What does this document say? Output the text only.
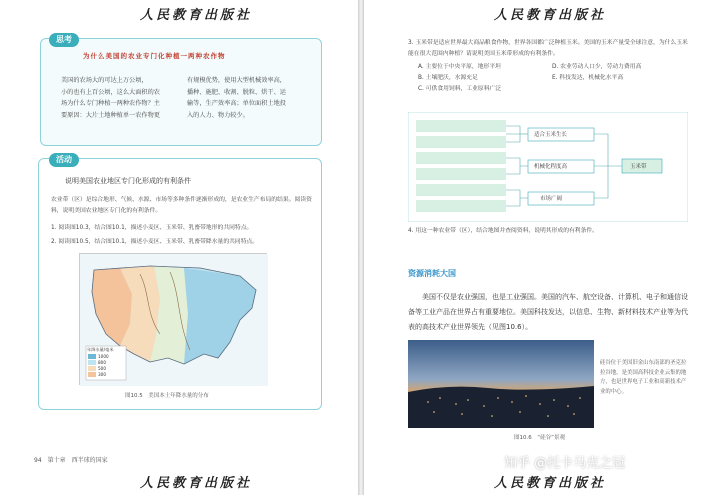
人民教育出版社
思考
为什么美国的农业专门化种植一两种农作物
美国的农场大的可达上万公顷，
小的也有上百公顷，这么大面积的农
场为什么专门种植一两种农作物？主
要原因：大片土地种植单一农作物更
有规模优势，使用大型机械效率高，
播种、施肥、收割、脱粒、烘干、运
输等，生产效率高；单位面积土地投
入的人力、物力较少。
活动
说明美国农业地区专门化形成的有利条件
农业带（区）是综合地形、气候、水源、市场等多种条件逐渐形成的，是农业生产布局的结果。阅读资料，说明美国农业地区专门化的有利条件。
1. 阅读图10.3，结合图10.1，描述小麦区、玉米带、乳畜带地形的共同特点。
2. 阅读图10.5，结合图10.1，描述小麦区、玉米带、乳畜带降水量的共同特点。
年降水量/毫米
1000
800
500
300
图10.5　美国本土年降水量的分布
94　第十章　西半球的国家
人民教育出版社
人民教育出版社
3. 玉米带是适应世界最大商品粮食作物，世界各国都广泛种植玉米。美国的玉米产量受全球注意，为什么玉米能在很大范围内种植？请说明美国玉米带形成的有利条件。
A. 主要位于中央平原，地形平坦
B. 土壤肥沃，水源充足
C. 可供食用饲料，工业原料广泛
D. 农业劳动人口少，劳动力费用高
E. 科技发达，机械化水平高
适合玉米生长
机械化程度高
市场广阔
玉米带
4. 用这一种农业带（区），结合地图并查阅资料，说明其形成的有利条件。
资源消耗大国
美国不仅是农业强国，也是工业强国。美国的汽车、航空设备、计算机、电子和通信设备等工业产品在世界占有重要地位。美国科技发达，以信息、生物、新材料技术产业等为代表的高技术产业世界领先（见图10.6）。
图10.6　“硅谷”景观
硅谷位于美国旧金山东南部的圣克拉拉谷地，是美国高科技企业云集的地方，也是世界电子工业和高新技术产业的中心。
知乎 @托卡马克之冠
人民教育出版社
